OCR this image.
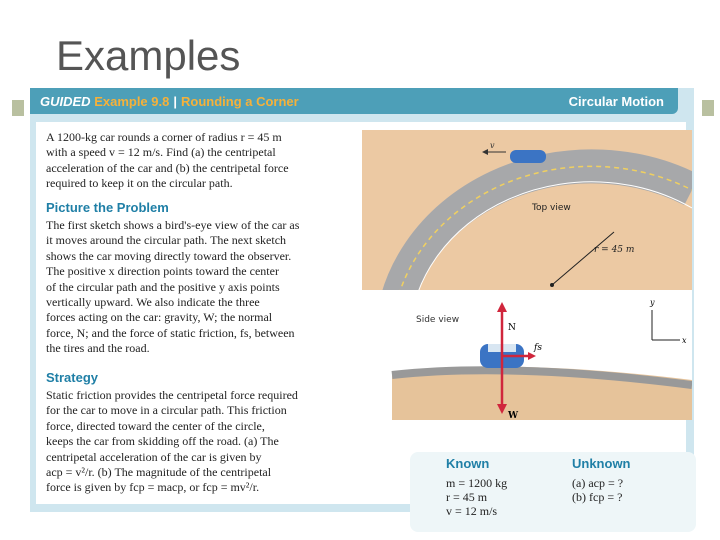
Examples
GUIDED Example 9.8 | Rounding a Corner	Circular Motion
A 1200-kg car rounds a corner of radius r = 45 m
with a speed v = 12 m/s. Find (a) the centripetal
acceleration of the car and (b) the centripetal force
required to keep it on the circular path.
Picture the Problem
The first sketch shows a bird's-eye view of the car as
it moves around the circular path. The next sketch
shows the car moving directly toward the observer.
The positive x direction points toward the center
of the circular path and the positive y axis points
vertically upward. We also indicate the three
forces acting on the car: gravity, W; the normal
force, N; and the force of static friction, fs, between
the tires and the road.
Strategy
Static friction provides the centripetal force required
for the car to move in a circular path. This friction
force, directed toward the center of the circle,
keeps the car from skidding off the road. (a) The
centripetal acceleration of the car is given by
acp = v²/r. (b) The magnitude of the centripetal
force is given by fcp = macp, or fcp = mv²/r.
Known	Unknown
m = 1200 kg
r = 45 m
v = 12 m/s
(a) acp = ?
(b) fcp = ?
v
Top view
r = 45 m
Side view
y
x
N
W
fs
